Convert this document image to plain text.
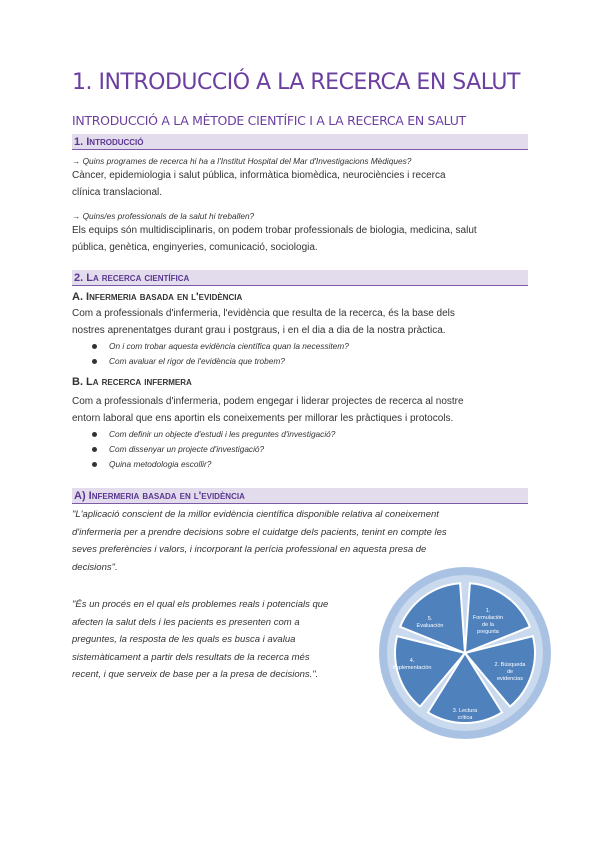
1. INTRODUCCIÓ A LA RECERCA EN SALUT
INTRODUCCIÓ A LA MÈTODE CIENTÍFIC I A LA RECERCA EN SALUT
1. Introducció
→ Quins programes de recerca hi ha a l'Institut Hospital del Mar d'Investigacions Mèdiques?
Càncer, epidemiologia i salut pública, informàtica biomèdica, neurociències i recerca
clínica translacional.
→ Quins/es professionals de la salut hi treballen?
Els equips són multidisciplinaris, on podem trobar professionals de biologia, medicina, salut
pública, genètica, enginyeries, comunicació, sociologia.
2. La recerca científica
A. Infermeria basada en l'evidència
Com a professionals d'infermeria, l'evidència que resulta de la recerca, és la base dels
nostres aprenentatges durant grau i postgraus, i en el dia a dia de la nostra pràctica.
On i com trobar aquesta evidència científica quan la necessitem?
Com avaluar el rigor de l'evidència que trobem?
B. La recerca infermera
Com a professionals d'infermeria, podem engegar i liderar projectes de recerca al nostre
entorn laboral que ens aportin els coneixements per millorar les pràctiques i protocols.
Com definir un objecte d'estudi i les preguntes d'investigació?
Com dissenyar un projecte d'investigació?
Quina metodologia escollir?
A) Infermeria basada en l'evidència
"L'aplicació conscient de la millor evidència científica disponible relativa al coneixement
d'infermeria per a prendre decisions sobre el cuidatge dels pacients, tenint en compte les
seves preferències i valors, i incorporant la perícia professional en aquesta presa de
decisions".
"És un procés en el qual els problemes reals i potencials que
afecten la salut dels i les pacients es presenten com a
preguntes, la resposta de les quals es busca i avalua
sistemàticament a partir dels resultats de la recerca més
recent, i que serveix de base per a la presa de decisions.".
1. Formulación de la pregunta
2. Búsqueda de evidencias
3. Lectura crítica
4. Implementación
5. Evaluación
